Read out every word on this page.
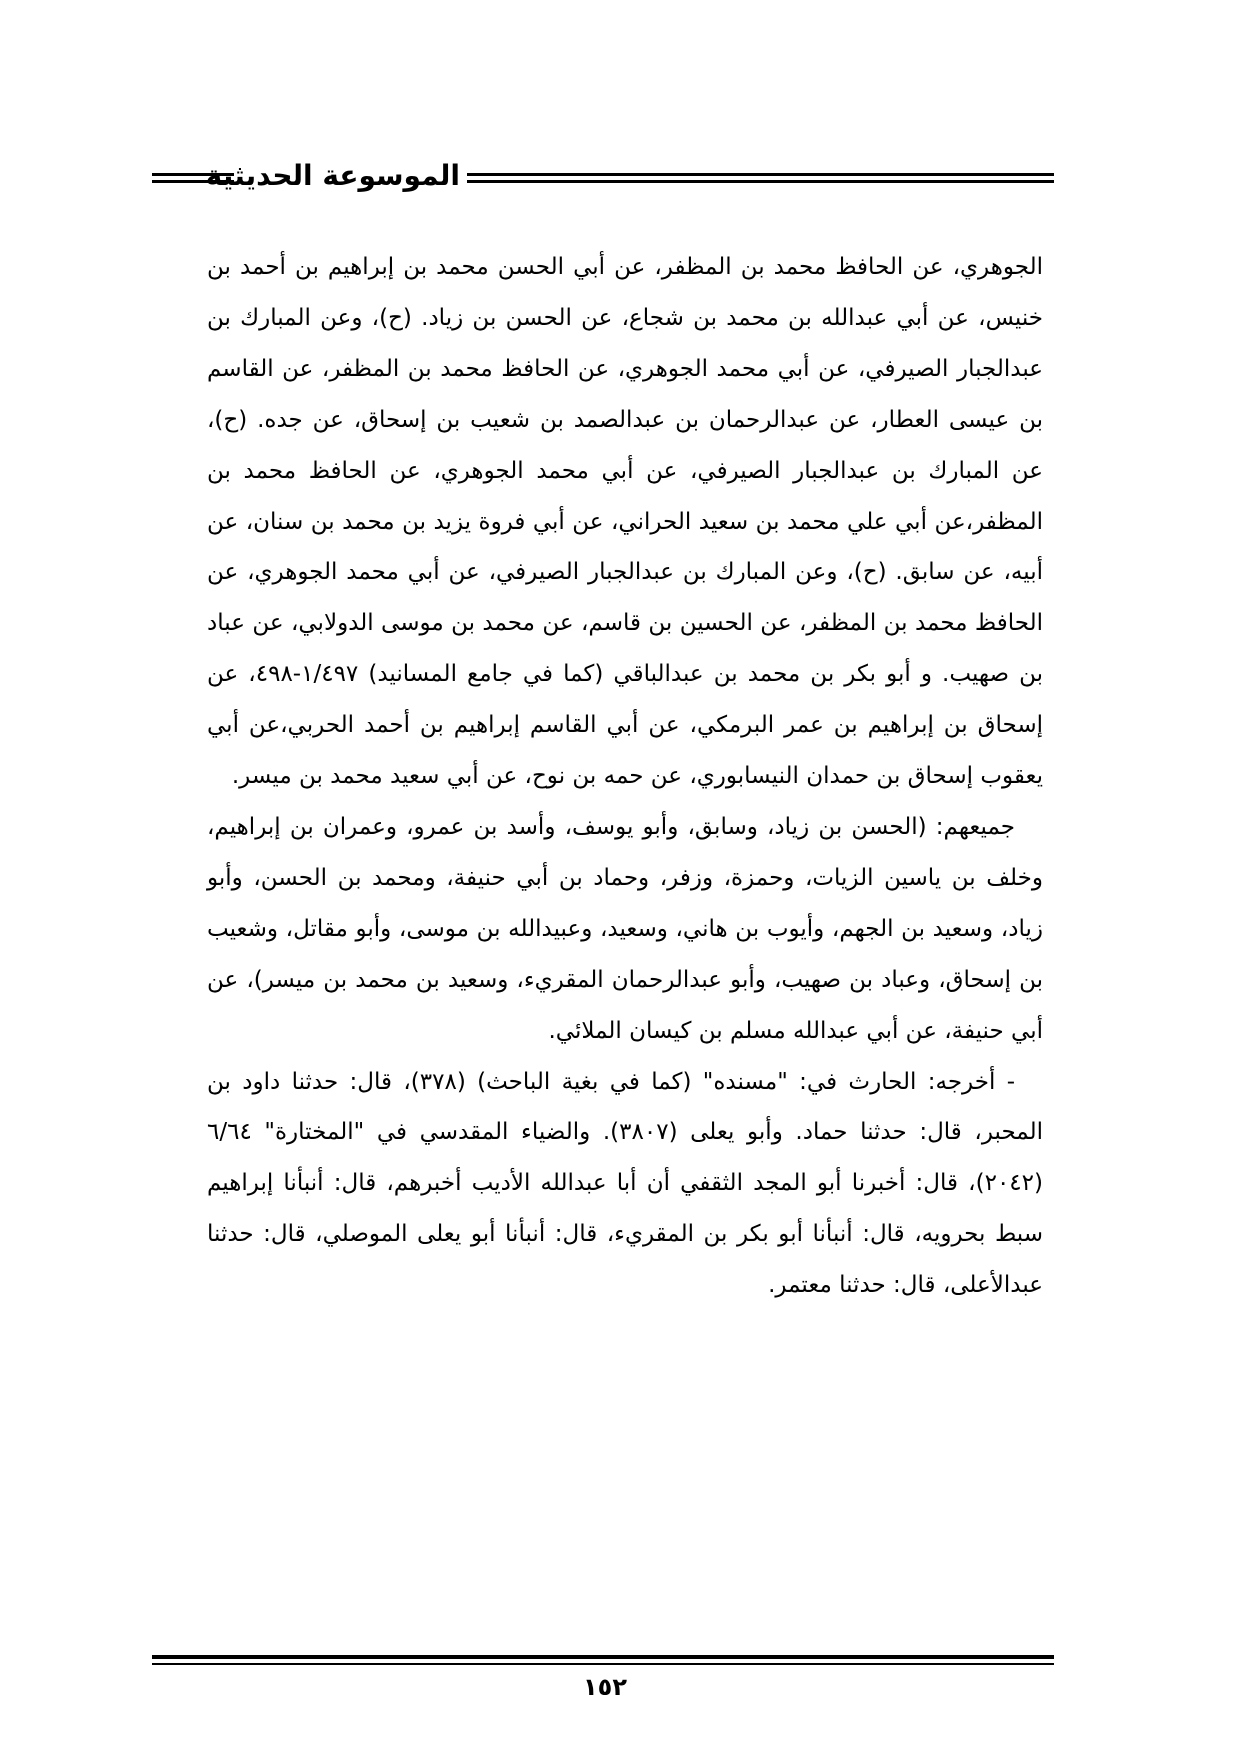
الموسوعة الحديثية

الجوهري، عن الحافظ محمد بن المظفر، عن أبي الحسن محمد بن إبراهيم بن أحمد بن خنيس، عن أبي عبدالله بن محمد بن شجاع، عن الحسن بن زياد. (ح)، وعن المبارك بن عبدالجبار الصيرفي، عن أبي محمد الجوهري، عن الحافظ محمد بن المظفر، عن القاسم بن عيسى العطار، عن عبدالرحمان بن عبدالصمد بن شعيب بن إسحاق، عن جده. (ح)، عن المبارك بن عبدالجبار الصيرفي، عن أبي محمد الجوهري، عن الحافظ محمد بن المظفر،عن أبي علي محمد بن سعيد الحراني، عن أبي فروة يزيد بن محمد بن سنان، عن أبيه، عن سابق. (ح)، وعن المبارك بن عبدالجبار الصيرفي، عن أبي محمد الجوهري، عن الحافظ محمد بن المظفر، عن الحسين بن قاسم، عن محمد بن موسى الدولابي، عن عباد بن صهيب. و أبو بكر بن محمد بن عبدالباقي (كما في جامع المسانيد) ١/٤٩٧-٤٩٨، عن إسحاق بن إبراهيم بن عمر البرمكي، عن أبي القاسم إبراهيم بن أحمد الحربي،عن أبي يعقوب إسحاق بن حمدان النيسابوري، عن حمه بن نوح، عن أبي سعيد محمد بن ميسر.

جميعهم: (الحسن بن زياد، وسابق، وأبو يوسف، وأسد بن عمرو، وعمران بن إبراهيم، وخلف بن ياسين الزيات، وحمزة، وزفر، وحماد بن أبي حنيفة، ومحمد بن الحسن، وأبو زياد، وسعيد بن الجهم، وأيوب بن هاني، وسعيد، وعبيدالله بن موسى، وأبو مقاتل، وشعيب بن إسحاق، وعباد بن صهيب، وأبو عبدالرحمان المقريء، وسعيد بن محمد بن ميسر)، عن أبي حنيفة، عن أبي عبدالله مسلم بن كيسان الملائي.

- أخرجه: الحارث في: "مسنده" (كما في بغية الباحث) (٣٧٨)، قال: حدثنا داود بن المحبر، قال: حدثنا حماد. وأبو يعلى (٣٨٠٧). والضياء المقدسي في "المختارة" ٦/٦٤ (٢٠٤٢)، قال: أخبرنا أبو المجد الثقفي أن أبا عبدالله الأديب أخبرهم، قال: أنبأنا إبراهيم سبط بحرويه، قال: أنبأنا أبو بكر بن المقريء، قال: أنبأنا أبو يعلى الموصلي، قال: حدثنا عبدالأعلى، قال: حدثنا معتمر.

١٥٢
